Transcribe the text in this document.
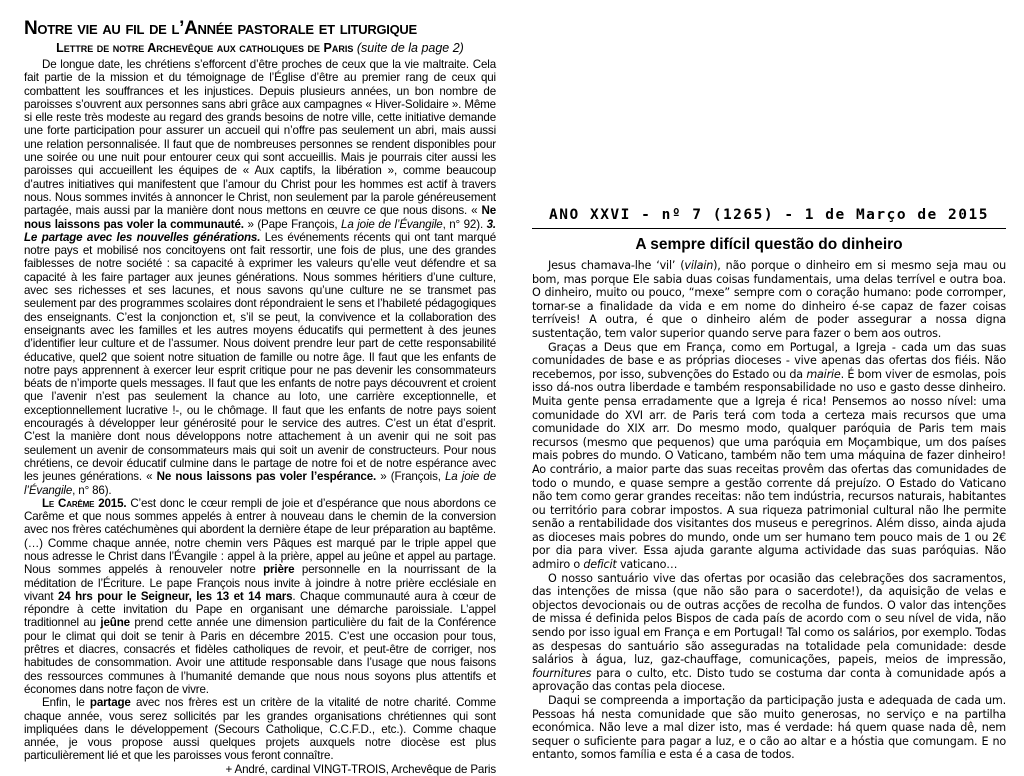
Notre vie au fil de l’Année pastorale et liturgique
Lettre de notre Archevêque aux catholiques de Paris (suite de la page 2)

De longue date, les chrétiens s’efforcent d’être proches de ceux que la vie maltraite. Cela fait partie de la mission et du témoignage de l’Église d’être au premier rang de ceux qui combattent les souffrances et les injustices. Depuis plusieurs années, un bon nombre de paroisses s’ouvrent aux personnes sans abri grâce aux campagnes « Hiver-Solidaire ». Même si elle reste très modeste au regard des grands besoins de notre ville, cette initiative demande une forte participation pour assurer un accueil qui n’offre pas seulement un abri, mais aussi une relation personnalisée. Il faut que de nombreuses personnes se rendent disponibles pour une soirée ou une nuit pour entourer ceux qui sont accueillis. Mais je pourrais citer aussi les paroisses qui accueillent les équipes de « Aux captifs, la libération », comme beaucoup d’autres initiatives qui manifestent que l’amour du Christ pour les hommes est actif à travers nous. Nous sommes invités à annoncer le Christ, non seulement par la parole généreusement partagée, mais aussi par la manière dont nous mettons en œuvre ce que nous disons. « Ne nous laissons pas voler la communauté. » (Pape François, La joie de l’Évangile, n° 92). 3. Le partage avec les nouvelles générations. Les événements récents qui ont tant marqué notre pays et mobilisé nos concitoyens ont fait ressortir, une fois de plus, une des grandes faiblesses de notre société : sa capacité à exprimer les valeurs qu’elle veut défendre et sa capacité à les faire partager aux jeunes générations. Nous sommes héritiers d’une culture, avec ses richesses et ses lacunes, et nous savons qu’une culture ne se transmet pas seulement par des programmes scolaires dont répondraient le sens et l’habileté pédagogiques des enseignants. C’est la conjonction et, s’il se peut, la convivence et la collaboration des enseignants avec les familles et les autres moyens éducatifs qui permettent à des jeunes d’identifier leur culture et de l’assumer. Nous doivent prendre leur part de cette responsabilité éducative, quel2 que soient notre situation de famille ou notre âge. Il faut que les enfants de notre pays apprennent à exercer leur esprit critique pour ne pas devenir les consommateurs béats de n’importe quels messages. Il faut que les enfants de notre pays découvrent et croient que l’avenir n’est pas seulement la chance au loto, une carrière exceptionnelle, et exceptionnellement lucrative !-, ou le chômage. Il faut que les enfants de notre pays soient encouragés à développer leur générosité pour le service des autres. C’est un état d’esprit. C’est la manière dont nous développons notre attachement à un avenir qui ne soit pas seulement un avenir de consommateurs mais qui soit un avenir de constructeurs. Pour nous chrétiens, ce devoir éducatif culmine dans le partage de notre foi et de notre espérance avec les jeunes générations. « Ne nous laissons pas voler l’espérance. » (François, La joie de l’Évangile, n° 86).

Le Carême 2015. C’est donc le cœur rempli de joie et d’espérance que nous abordons ce Carême et que nous sommes appelés à entrer à nouveau dans le chemin de la conversion avec nos frères catéchumènes qui abordent la dernière étape de leur préparation au baptême. (…) Comme chaque année, notre chemin vers Pâques est marqué par le triple appel que nous adresse le Christ dans l’Évangile : appel à la prière, appel au jeûne et appel au partage. Nous sommes appelés à renouveler notre prière personnelle en la nourrissant de la méditation de l’Écriture. Le pape François nous invite à joindre à notre prière ecclésiale en vivant 24 hrs pour le Seigneur, les 13 et 14 mars. Chaque communauté aura à cœur de répondre à cette invitation du Pape en organisant une démarche paroissiale. L’appel traditionnel au jeûne prend cette année une dimension particulière du fait de la Conférence pour le climat qui doit se tenir à Paris en décembre 2015. C’est une occasion pour tous, prêtres et diacres, consacrés et fidèles catholiques de revoir, et peut-être de corriger, nos habitudes de consommation. Avoir une attitude responsable dans l’usage que nous faisons des ressources communes à l’humanité demande que nous nous soyons plus attentifs et économes dans notre façon de vivre.

Enfin, le partage avec nos frères est un critère de la vitalité de notre charité. Comme chaque année, vous serez sollicités par les grandes organisations chrétiennes qui sont impliquées dans le développement (Secours Catholique, C.C.F.D., etc.). Comme chaque année, je vous propose aussi quelques projets auxquels notre diocèse est plus particulièrement lié et que les paroisses vous feront connaître.

+ André, cardinal VINGT-TROIS, Archevêque de Paris
ANO XXVI - nº 7 (1265) - 1 de Março de 2015
A sempre difícil questão do dinheiro

Jesus chamava-lhe ‘vil’ (vilain), não porque o dinheiro em si mesmo seja mau ou bom, mas porque Ele sabia duas coisas fundamentais, uma delas terrível e outra boa. O dinheiro, muito ou pouco, “mexe” sempre com o coração humano: pode corromper, tornar-se a finalidade da vida e em nome do dinheiro é-se capaz de fazer coisas terríveis! A outra, é que o dinheiro além de poder assegurar a nossa digna sustentação, tem valor superior quando serve para fazer o bem aos outros.

Graças a Deus que em França, como em Portugal, a Igreja - cada um das suas comunidades de base e as próprias dioceses - vive apenas das ofertas dos fiéis. Não recebemos, por isso, subvenções do Estado ou da mairie. É bom viver de esmolas, pois isso dá-nos outra liberdade e também responsabilidade no uso e gasto desse dinheiro. Muita gente pensa erradamente que a Igreja é rica! Pensemos ao nosso nível: uma comunidade do XVI arr. de Paris terá com toda a certeza mais recursos que uma comunidade do XIX arr. Do mesmo modo, qualquer paróquia de Paris tem mais recursos (mesmo que pequenos) que uma paróquia em Moçambique, um dos países mais pobres do mundo. O Vaticano, também não tem uma máquina de fazer dinheiro! Ao contrário, a maior parte das suas receitas provêm das ofertas das comunidades de todo o mundo, e quase sempre a gestão corrente dá prejuízo. O Estado do Vaticano não tem como gerar grandes receitas: não tem indústria, recursos naturais, habitantes ou território para cobrar impostos. A sua riqueza patrimonial cultural não lhe permite senão a rentabilidade dos visitantes dos museus e peregrinos. Além disso, ainda ajuda as dioceses mais pobres do mundo, onde um ser humano tem pouco mais de 1 ou 2€ por dia para viver. Essa ajuda garante alguma actividade das suas paróquias. Não admiro o deficit vaticano…

O nosso santuário vive das ofertas por ocasião das celebrações dos sacramentos, das intenções de missa (que não são para o sacerdote!), da aquisição de velas e objectos devocionais ou de outras acções de recolha de fundos. O valor das intenções de missa é definida pelos Bispos de cada país de acordo com o seu nível de vida, não sendo por isso igual em França e em Portugal! Tal como os salários, por exemplo. Todas as despesas do santuário são asseguradas na totalidade pela comunidade: desde salários à água, luz, gaz-chauffage, comunicações, papeis, meios de impressão, fournitures para o culto, etc. Disto tudo se costuma dar conta à comunidade após a aprovação das contas pela diocese.

Daqui se compreenda a importação da participação justa e adequada de cada um. Pessoas há nesta comunidade que são muito generosas, no serviço e na partilha económica. Não leve a mal dizer isto, mas é verdade: há quem quase nada dê, nem sequer o suficiente para pagar a luz, e o cão ao altar e a hóstia que comungam. E no entanto, somos família e esta é a casa de todos.
